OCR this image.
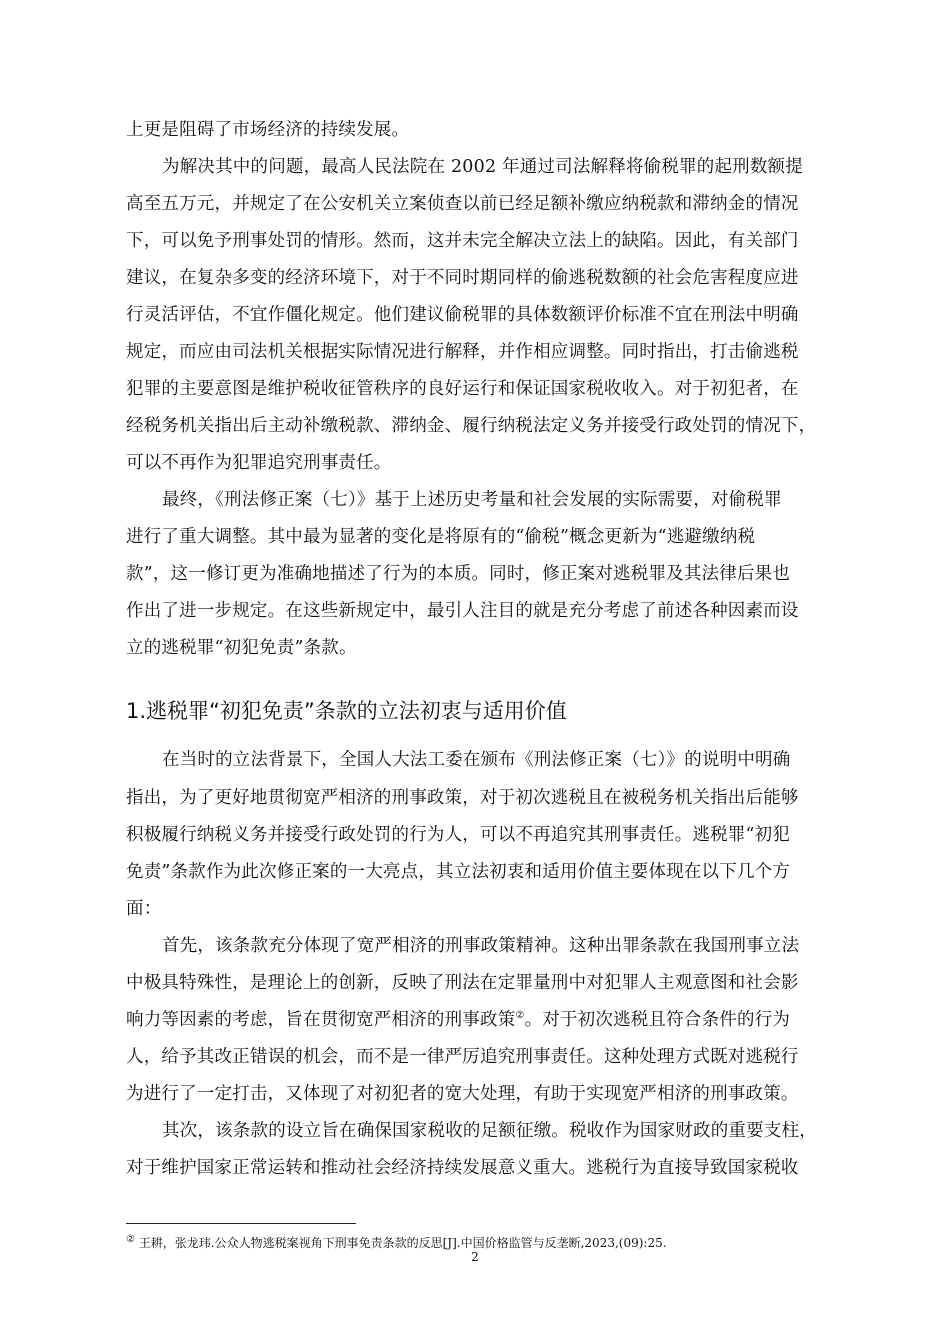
上更是阻碍了市场经济的持续发展。
为解决其中的问题，最高人民法院在 2002 年通过司法解释将偷税罪的起刑数额提
高至五万元，并规定了在公安机关立案侦查以前已经足额补缴应纳税款和滞纳金的情况
下，可以免予刑事处罚的情形。然而，这并未完全解决立法上的缺陷。因此，有关部门
建议，在复杂多变的经济环境下，对于不同时期同样的偷逃税数额的社会危害程度应进
行灵活评估，不宜作僵化规定。他们建议偷税罪的具体数额评价标准不宜在刑法中明确
规定，而应由司法机关根据实际情况进行解释，并作相应调整。同时指出，打击偷逃税
犯罪的主要意图是维护税收征管秩序的良好运行和保证国家税收收入。对于初犯者，在
经税务机关指出后主动补缴税款、滞纳金、履行纳税法定义务并接受行政处罚的情况下，
可以不再作为犯罪追究刑事责任。
最终，《刑法修正案（七）》基于上述历史考量和社会发展的实际需要，对偷税罪
进行了重大调整。其中最为显著的变化是将原有的“偷税”概念更新为“逃避缴纳税
款”，这一修订更为准确地描述了行为的本质。同时，修正案对逃税罪及其法律后果也
作出了进一步规定。在这些新规定中，最引人注目的就是充分考虑了前述各种因素而设
立的逃税罪“初犯免责”条款。
1.逃税罪“初犯免责”条款的立法初衷与适用价值
在当时的立法背景下，全国人大法工委在颁布《刑法修正案（七）》的说明中明确
指出，为了更好地贯彻宽严相济的刑事政策，对于初次逃税且在被税务机关指出后能够
积极履行纳税义务并接受行政处罚的行为人，可以不再追究其刑事责任。逃税罪“初犯
免责”条款作为此次修正案的一大亮点，其立法初衷和适用价值主要体现在以下几个方
面：
首先，该条款充分体现了宽严相济的刑事政策精神。这种出罪条款在我国刑事立法
中极具特殊性，是理论上的创新，反映了刑法在定罪量刑中对犯罪人主观意图和社会影
响力等因素的考虑，旨在贯彻宽严相济的刑事政策②。对于初次逃税且符合条件的行为
人，给予其改正错误的机会，而不是一律严厉追究刑事责任。这种处理方式既对逃税行
为进行了一定打击，又体现了对初犯者的宽大处理，有助于实现宽严相济的刑事政策。
其次，该条款的设立旨在确保国家税收的足额征缴。税收作为国家财政的重要支柱，
对于维护国家正常运转和推动社会经济持续发展意义重大。逃税行为直接导致国家税收
② 王耕，张龙玮.公众人物逃税案视角下刑事免责条款的反思[J].中国价格监管与反垄断,2023,(09):25.
2
